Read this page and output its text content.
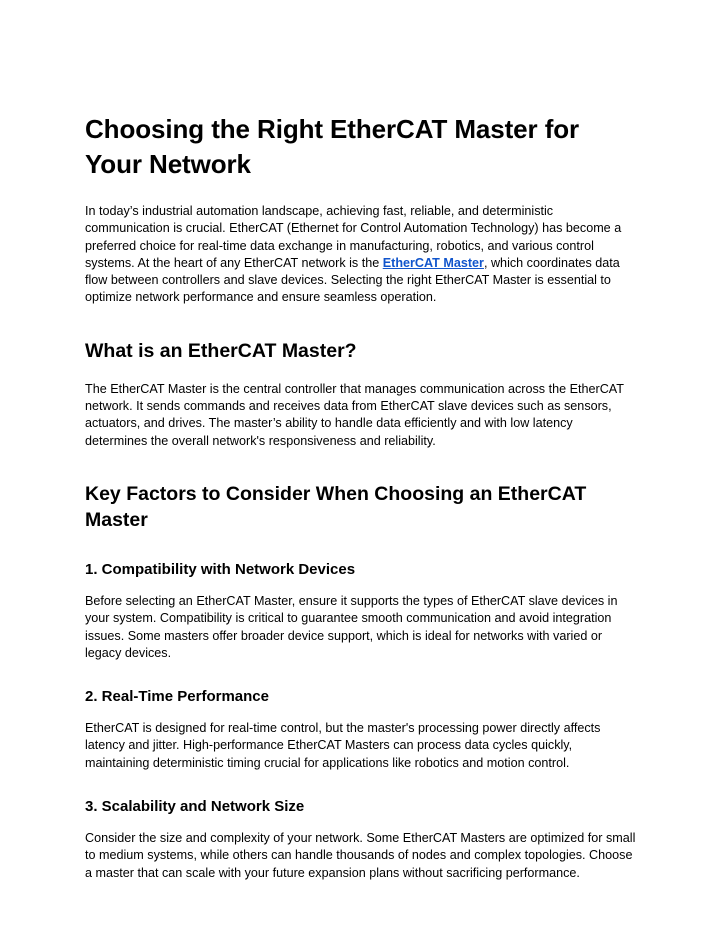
Choosing the Right EtherCAT Master for Your Network

In today’s industrial automation landscape, achieving fast, reliable, and deterministic communication is crucial. EtherCAT (Ethernet for Control Automation Technology) has become a preferred choice for real-time data exchange in manufacturing, robotics, and various control systems. At the heart of any EtherCAT network is the EtherCAT Master, which coordinates data flow between controllers and slave devices. Selecting the right EtherCAT Master is essential to optimize network performance and ensure seamless operation.

What is an EtherCAT Master?

The EtherCAT Master is the central controller that manages communication across the EtherCAT network. It sends commands and receives data from EtherCAT slave devices such as sensors, actuators, and drives. The master’s ability to handle data efficiently and with low latency determines the overall network's responsiveness and reliability.

Key Factors to Consider When Choosing an EtherCAT Master
1. Compatibility with Network Devices

Before selecting an EtherCAT Master, ensure it supports the types of EtherCAT slave devices in your system. Compatibility is critical to guarantee smooth communication and avoid integration issues. Some masters offer broader device support, which is ideal for networks with varied or legacy devices.

2. Real-Time Performance

EtherCAT is designed for real-time control, but the master's processing power directly affects latency and jitter. High-performance EtherCAT Masters can process data cycles quickly, maintaining deterministic timing crucial for applications like robotics and motion control.

3. Scalability and Network Size

Consider the size and complexity of your network. Some EtherCAT Masters are optimized for small to medium systems, while others can handle thousands of nodes and complex topologies. Choose a master that can scale with your future expansion plans without sacrificing performance.
